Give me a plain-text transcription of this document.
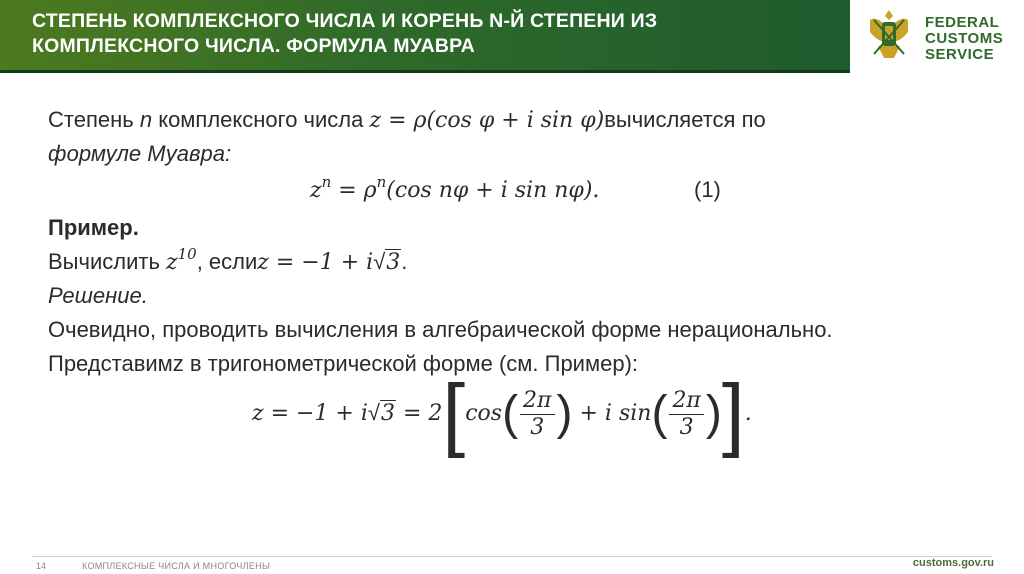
СТЕПЕНЬ КОМПЛЕКСНОГО ЧИСЛА И КОРЕНЬ N-Й СТЕПЕНИ ИЗ
КОМПЛЕКСНОГО ЧИСЛА. ФОРМУЛА МУАВРА
FEDERAL
CUSTOMS
SERVICE
Степень n комплексного числа z = ρ(cos φ + i sin φ)вычисляется по
формуле Муавра:
$z^n = \rho^n(\cos$ nφ + i sin nφ).	(1)
Пример.
Вычислить $z^{10}$, еслиz = −1 + i√3.
Решение.
Очевидно, проводить вычисления в алгебраической форме нерационально.
Представимz в тригонометрической форме (см. Пример):
$z = -1 + i√3 = 2[\cos( \frac{2\pi}{3}$ ) + i $\sin( \frac{2\pi}{3}$ )].
14	КОМПЛЕКСНЫЕ ЧИСЛА И МНОГОЧЛЕНЫ	customs.gov.ru
